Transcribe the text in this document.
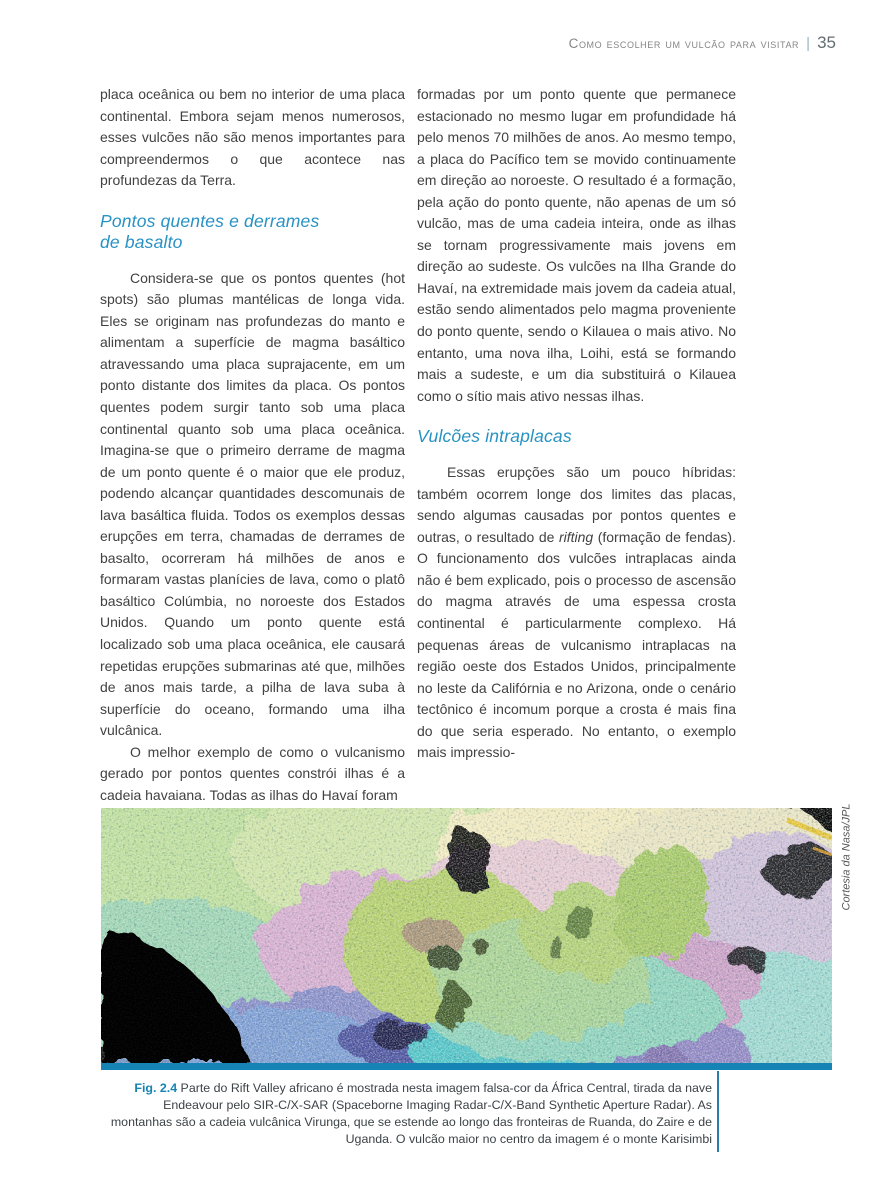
Como escolher um vulcão para visitar | 35

placa oceânica ou bem no interior de uma placa continental. Embora sejam menos numerosos, esses vulcões não são menos importantes para compreendermos o que acontece nas profundezas da Terra.

Pontos quentes e derrames
de basalto

Considera-se que os pontos quentes (hot spots) são plumas mantélicas de longa vida. Eles se originam nas profundezas do manto e alimentam a superfície de magma basáltico atravessando uma placa suprajacente, em um ponto distante dos limites da placa. Os pontos quentes podem surgir tanto sob uma placa continental quanto sob uma placa oceânica. Imagina-se que o primeiro derrame de magma de um ponto quente é o maior que ele produz, podendo alcançar quantidades descomunais de lava basáltica fluida. Todos os exemplos dessas erupções em terra, chamadas de derrames de basalto, ocorreram há milhões de anos e formaram vastas planícies de lava, como o platô basáltico Colúmbia, no noroeste dos Estados Unidos. Quando um ponto quente está localizado sob uma placa oceânica, ele causará repetidas erupções submarinas até que, milhões de anos mais tarde, a pilha de lava suba à superfície do oceano, formando uma ilha vulcânica.

O melhor exemplo de como o vulcanismo gerado por pontos quentes constrói ilhas é a cadeia havaiana. Todas as ilhas do Havaí foram

formadas por um ponto quente que permanece estacionado no mesmo lugar em profundidade há pelo menos 70 milhões de anos. Ao mesmo tempo, a placa do Pacífico tem se movido continuamente em direção ao noroeste. O resultado é a formação, pela ação do ponto quente, não apenas de um só vulcão, mas de uma cadeia inteira, onde as ilhas se tornam progressivamente mais jovens em direção ao sudeste. Os vulcões na Ilha Grande do Havaí, na extremidade mais jovem da cadeia atual, estão sendo alimentados pelo magma proveniente do ponto quente, sendo o Kilauea o mais ativo. No entanto, uma nova ilha, Loihi, está se formando mais a sudeste, e um dia substituirá o Kilauea como o sítio mais ativo nessas ilhas.

Vulcões intraplacas

Essas erupções são um pouco híbridas: também ocorrem longe dos limites das placas, sendo algumas causadas por pontos quentes e outras, o resultado de rifting (formação de fendas). O funcionamento dos vulcões intraplacas ainda não é bem explicado, pois o processo de ascensão do magma através de uma espessa crosta continental é particularmente complexo. Há pequenas áreas de vulcanismo intraplacas na região oeste dos Estados Unidos, principalmente no leste da Califórnia e no Arizona, onde o cenário tectônico é incomum porque a crosta é mais fina do que seria esperado. No entanto, o exemplo mais impressio-

Cortesia da Nasa/JPL
Fig. 2.4 Parte do Rift Valley africano é mostrada nesta imagem falsa-cor da África Central, tirada da nave Endeavour pelo SIR-C/X-SAR (Spaceborne Imaging Radar-C/X-Band Synthetic Aperture Radar). As montanhas são a cadeia vulcânica Virunga, que se estende ao longo das fronteiras de Ruanda, do Zaire e de Uganda. O vulcão maior no centro da imagem é o monte Karisimbi
